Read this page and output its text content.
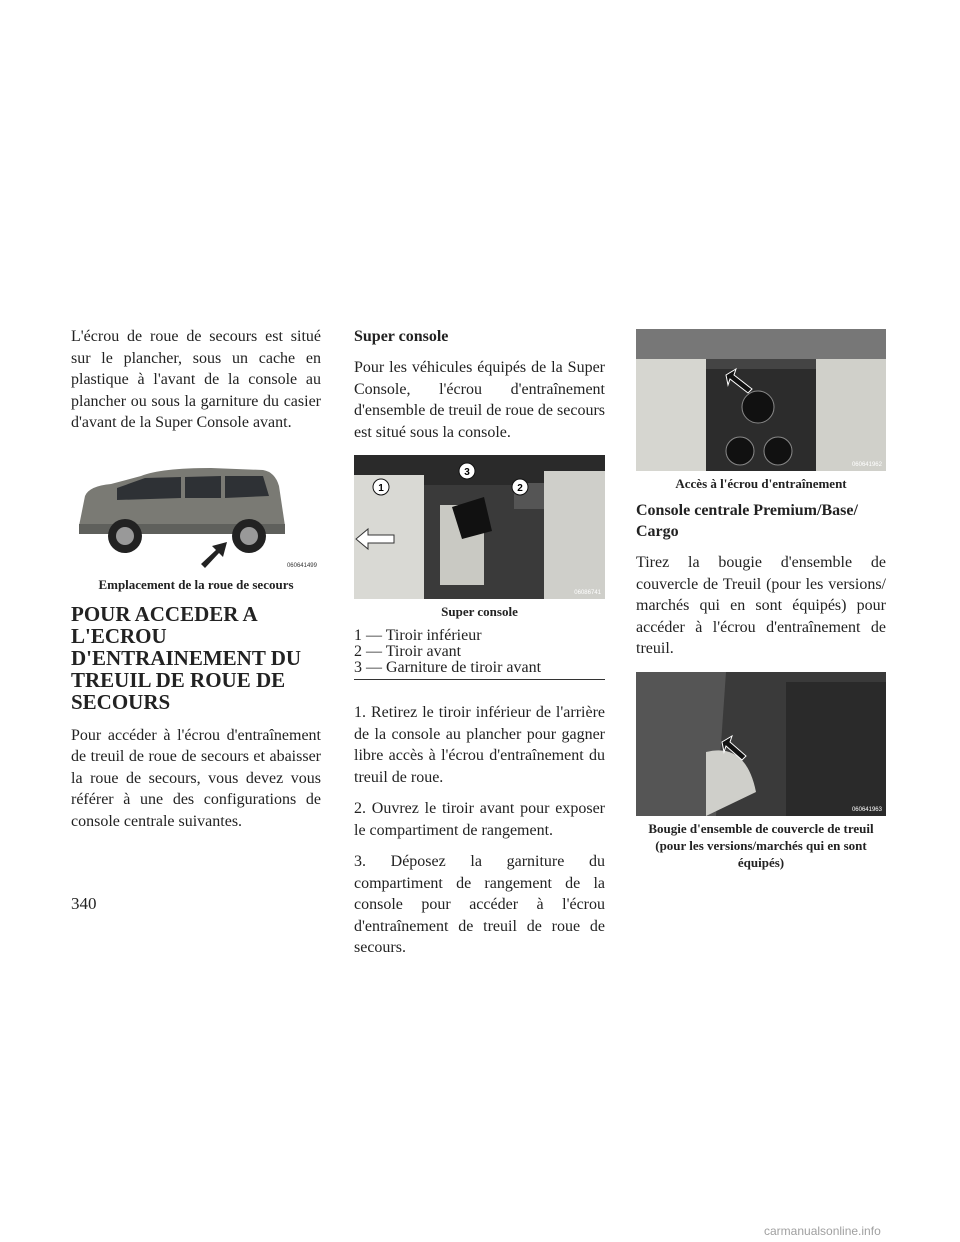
L'écrou de roue de secours est situé sur le plancher, sous un cache en plastique à l'avant de la console au plancher ou sous la garniture du casier d'avant de la Super Console avant.

060641499
Emplacement de la roue de secours
POUR ACCEDER A L'ECROU D'ENTRAINEMENT DU TREUIL DE ROUE DE SECOURS

Pour accéder à l'écrou d'entraînement de treuil de roue de secours et abaisser la roue de secours, vous devez vous référer à une des configurations de console centrale suivantes.

Super console

Pour les véhicules équipés de la Super Console, l'écrou d'entraînement d'ensemble de treuil de roue de secours est situé sous la console.

1	2
3
06086741
Super console
1 — Tiroir inférieur
2 — Tiroir avant
3 — Garniture de tiroir avant

1. Retirez le tiroir inférieur de l'arrière de la console au plancher pour gagner libre accès à l'écrou d'entraînement du treuil de roue.

2. Ouvrez le tiroir avant pour exposer le compartiment de rangement.

3. Déposez la garniture du compartiment de rangement de la console pour accéder à l'écrou d'entraînement de treuil de roue de secours.

060641962
Accès à l'écrou d'entraînement
Console centrale Premium/Base/ Cargo

Tirez la bougie d'ensemble de couvercle de Treuil (pour les versions/ marchés qui en sont équipés) pour accéder à l'écrou d'entraînement de treuil.

060641963
Bougie d'ensemble de couvercle de treuil (pour les versions/marchés qui en sont équipés)
340
carmanualsonline.info
